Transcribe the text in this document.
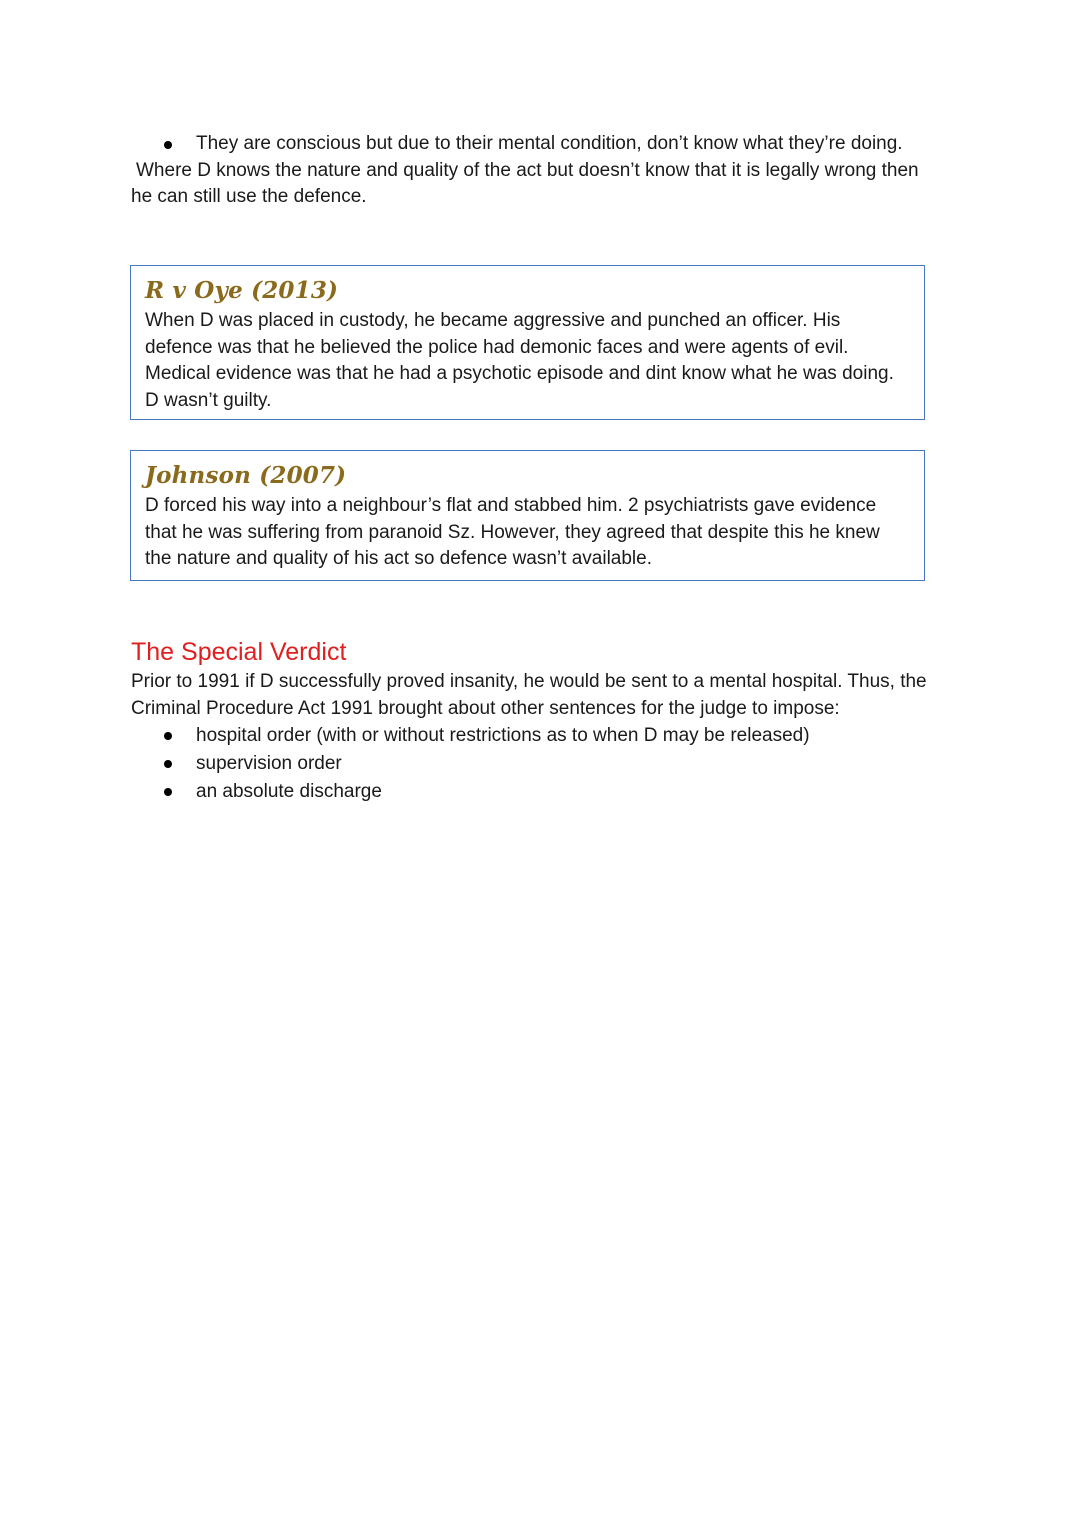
They are conscious but due to their mental condition, don’t know what they’re doing.

Where D knows the nature and quality of the act but doesn’t know that it is legally wrong then he can still use the defence.

R v Oye (2013)

When D was placed in custody, he became aggressive and punched an officer. His defence was that he believed the police had demonic faces and were agents of evil. Medical evidence was that he had a psychotic episode and dint know what he was doing. D wasn’t guilty.

Johnson (2007)

D forced his way into a neighbour’s flat and stabbed him. 2 psychiatrists gave evidence that he was suffering from paranoid Sz. However, they agreed that despite this he knew the nature and quality of his act so defence wasn’t available.

The Special Verdict

Prior to 1991 if D successfully proved insanity, he would be sent to a mental hospital. Thus, the Criminal Procedure Act 1991 brought about other sentences for the judge to impose:

hospital order (with or without restrictions as to when D may be released)
supervision order
an absolute discharge
